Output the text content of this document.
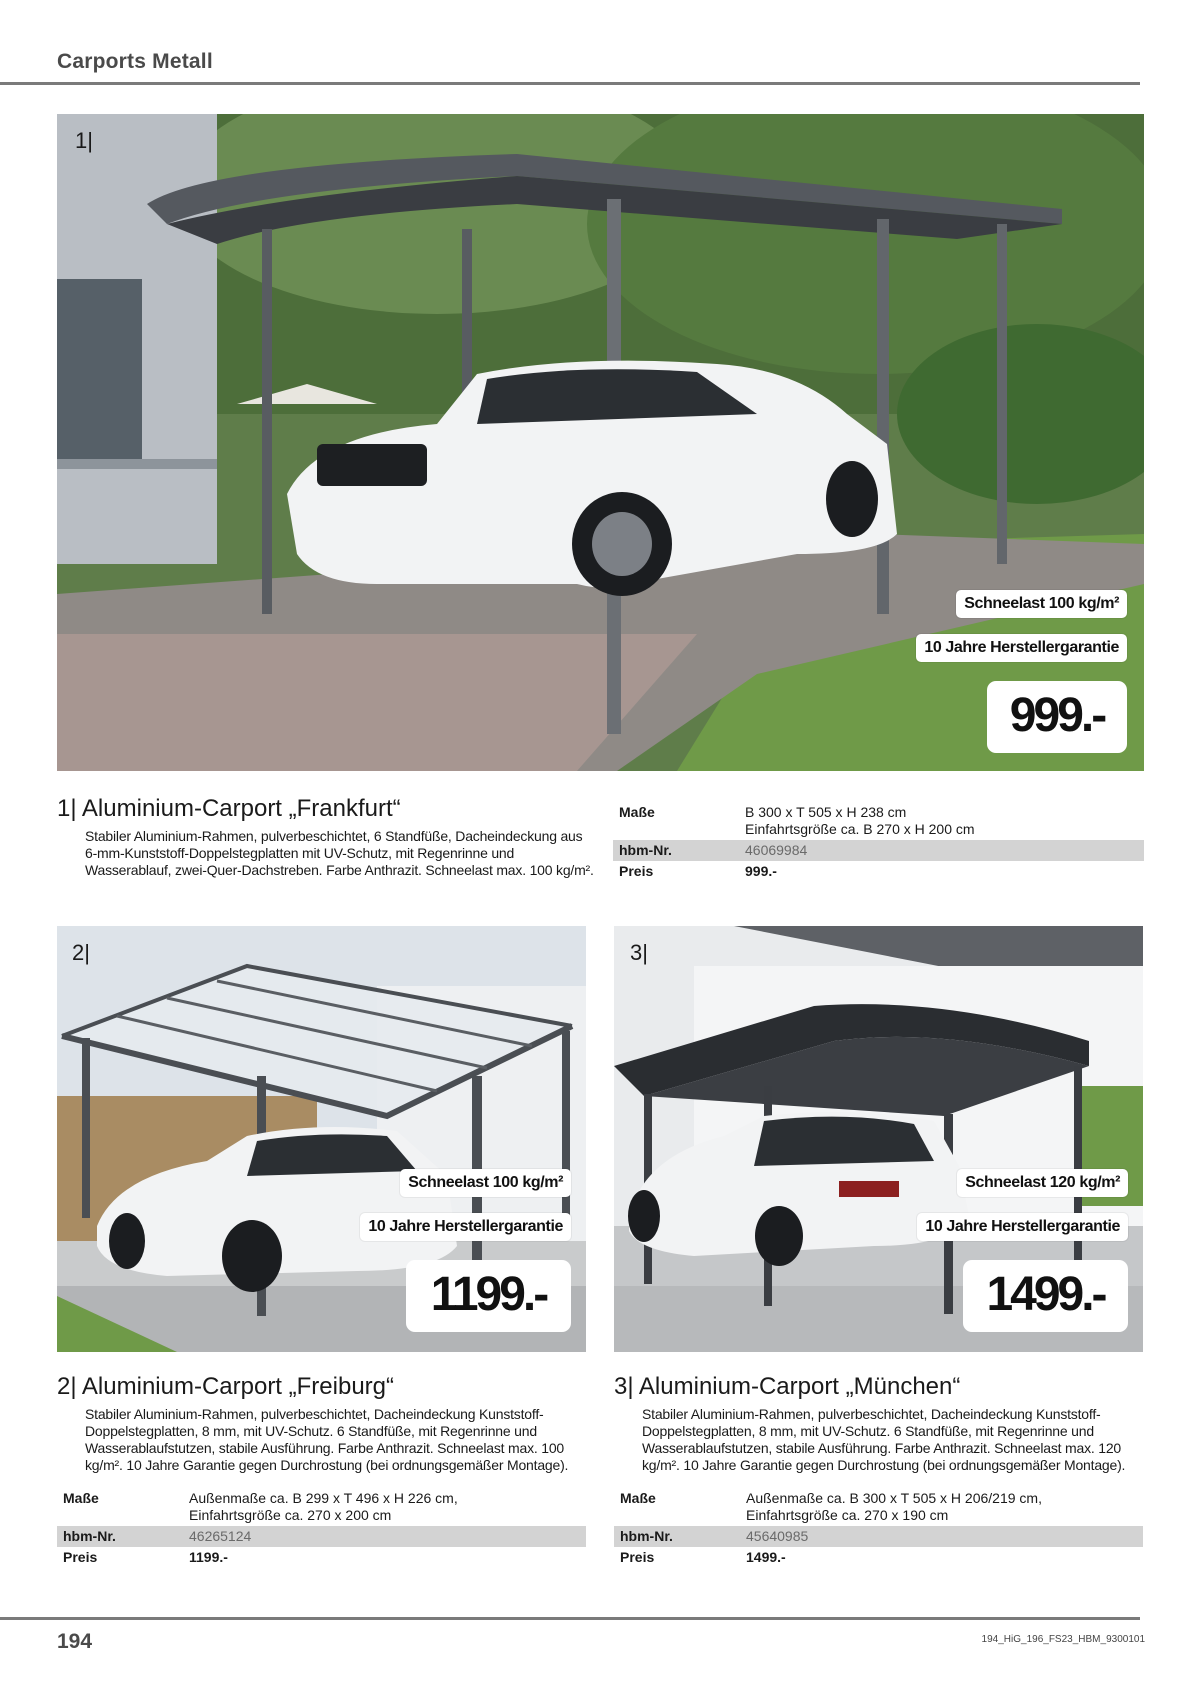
Carports Metall
1|
Schneelast 100 kg/m²
10 Jahre Herstellergarantie
999.-
1| Aluminium-Carport „Frankfurt“
Stabiler Aluminium-Rahmen, pulverbeschichtet, 6 Standfüße, Dacheindeckung aus 6-mm-Kunststoff-Doppelstegplatten mit UV-Schutz, mit Regenrinne und Wasserablauf, zwei-Quer-Dachstreben. Farbe Anthrazit. Schneelast max. 100 kg/m².
Maße	B 300 x T 505 x H 238 cm
Einfahrtsgröße ca. B 270 x H 200 cm

hbm-Nr.	46069984
Preis	999.-
2|
Schneelast 100 kg/m²
10 Jahre Herstellergarantie
1199.-
3|
Schneelast 120 kg/m²
10 Jahre Herstellergarantie
1499.-
2| Aluminium-Carport „Freiburg“
Stabiler Aluminium-Rahmen, pulverbeschichtet, Dacheindeckung Kunststoff-Doppelstegplatten, 8 mm, mit UV-Schutz. 6 Standfüße, mit Regenrinne und Wasserablaufstutzen, stabile Ausführung. Farbe Anthrazit. Schneelast max. 100 kg/m². 10 Jahre Garantie gegen Durchrostung (bei ordnungsgemäßer Montage).
Maße	Außenmaße ca. B 299 x T 496 x H 226 cm,
Einfahrtsgröße ca. 270 x 200 cm

hbm-Nr.	46265124
Preis	1199.-
3| Aluminium-Carport „München“
Stabiler Aluminium-Rahmen, pulverbeschichtet, Dacheindeckung Kunststoff-Doppelstegplatten, 8 mm, mit UV-Schutz. 6 Standfüße, mit Regenrinne und Wasserablaufstutzen, stabile Ausführung. Farbe Anthrazit. Schneelast max. 120 kg/m². 10 Jahre Garantie gegen Durchrostung (bei ordnungsgemäßer Montage).
Maße	Außenmaße ca. B 300 x T 505 x H 206/219 cm,
Einfahrtsgröße ca. 270 x 190 cm

hbm-Nr.	45640985
Preis	1499.-
194	194_HiG_196_FS23_HBM_9300101
